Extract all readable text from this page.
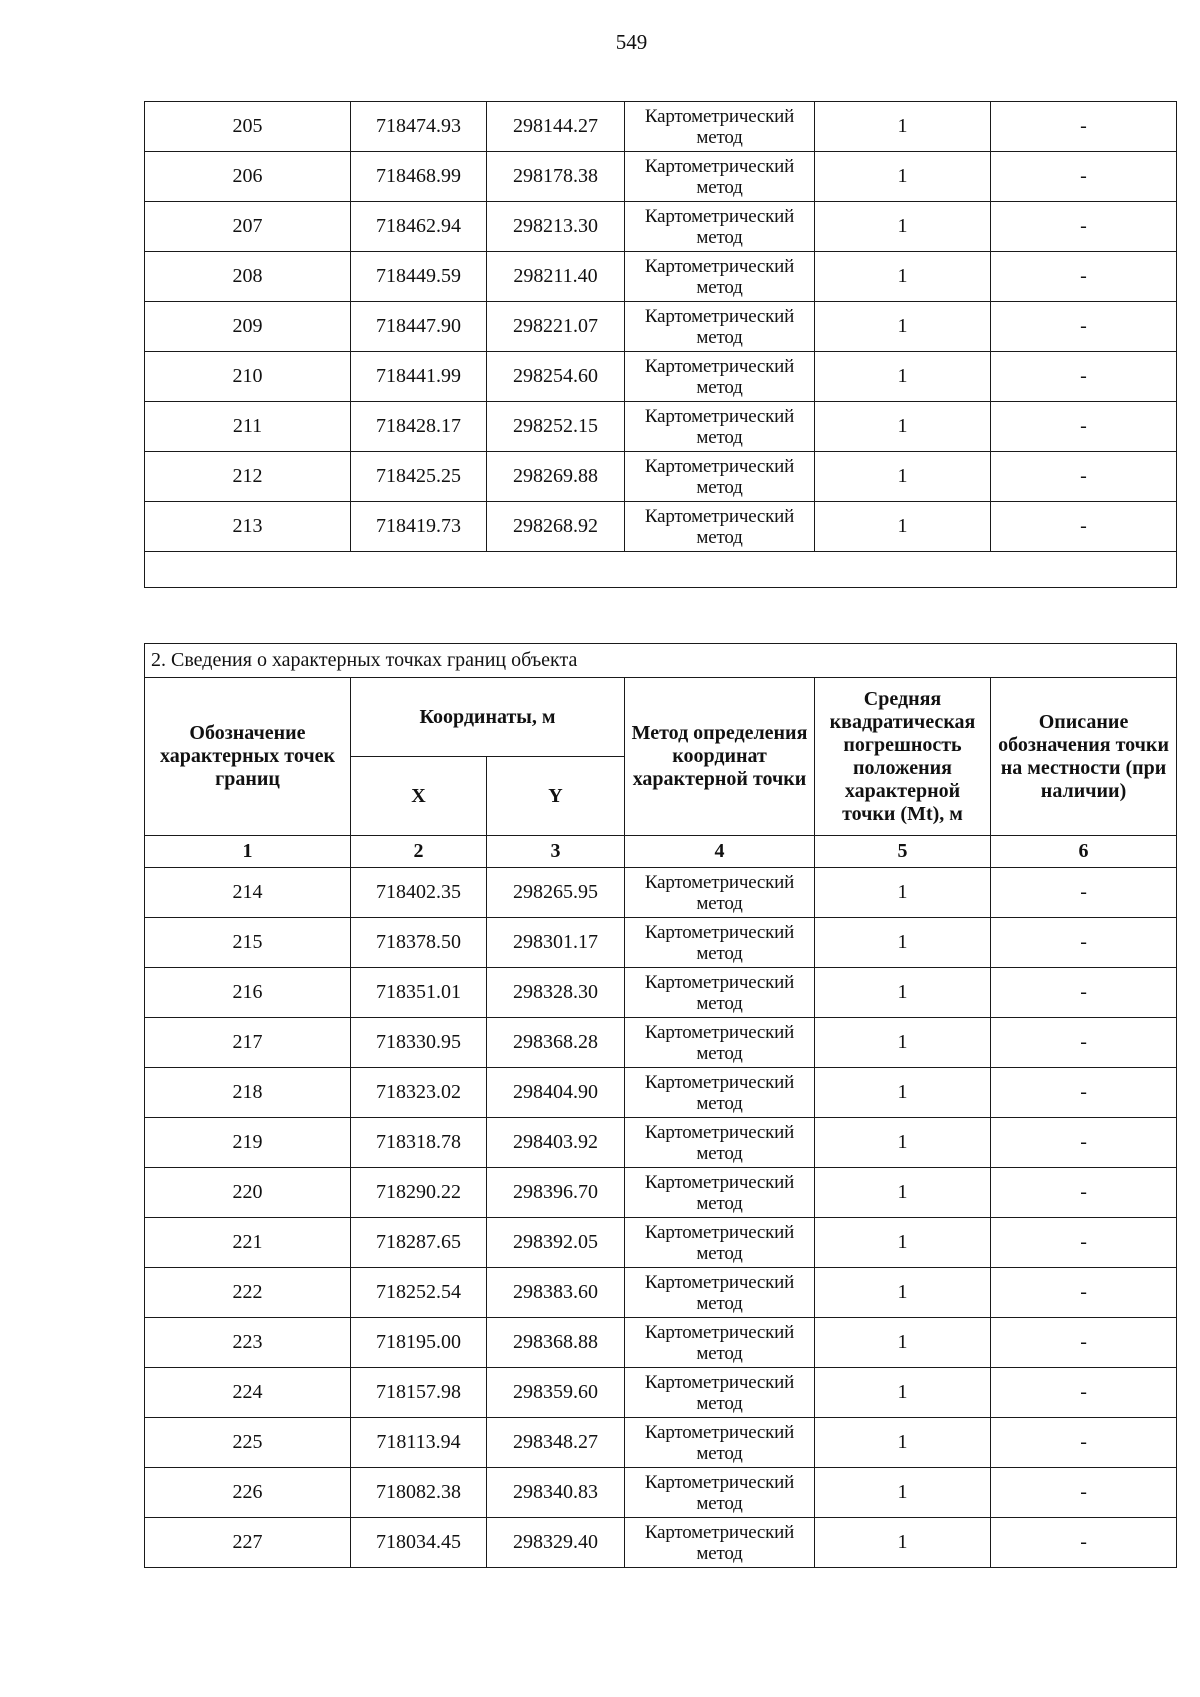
549
205	718474.93	298144.27	Картометрический метод	1	-
206	718468.99	298178.38	Картометрический метод	1	-
207	718462.94	298213.30	Картометрический метод	1	-
208	718449.59	298211.40	Картометрический метод	1	-
209	718447.90	298221.07	Картометрический метод	1	-
210	718441.99	298254.60	Картометрический метод	1	-
211	718428.17	298252.15	Картометрический метод	1	-
212	718425.25	298269.88	Картометрический метод	1	-
213	718419.73	298268.92	Картометрический метод	1	-

2. Сведения о характерных точках границ объекта					
Обозначение характерных точек границ	Координаты, м		Метод определения координат характерной точки	Средняя квадратическая погрешность положения характерной точки (Mt), м	Описание обозначения точки на местности (при наличии)
	X	Y			
1	2	3	4	5	6
214	718402.35	298265.95	Картометрический метод	1	-
215	718378.50	298301.17	Картометрический метод	1	-
216	718351.01	298328.30	Картометрический метод	1	-
217	718330.95	298368.28	Картометрический метод	1	-
218	718323.02	298404.90	Картометрический метод	1	-
219	718318.78	298403.92	Картометрический метод	1	-
220	718290.22	298396.70	Картометрический метод	1	-
221	718287.65	298392.05	Картометрический метод	1	-
222	718252.54	298383.60	Картометрический метод	1	-
223	718195.00	298368.88	Картометрический метод	1	-
224	718157.98	298359.60	Картометрический метод	1	-
225	718113.94	298348.27	Картометрический метод	1	-
226	718082.38	298340.83	Картометрический метод	1	-
227	718034.45	298329.40	Картометрический метод	1	-
